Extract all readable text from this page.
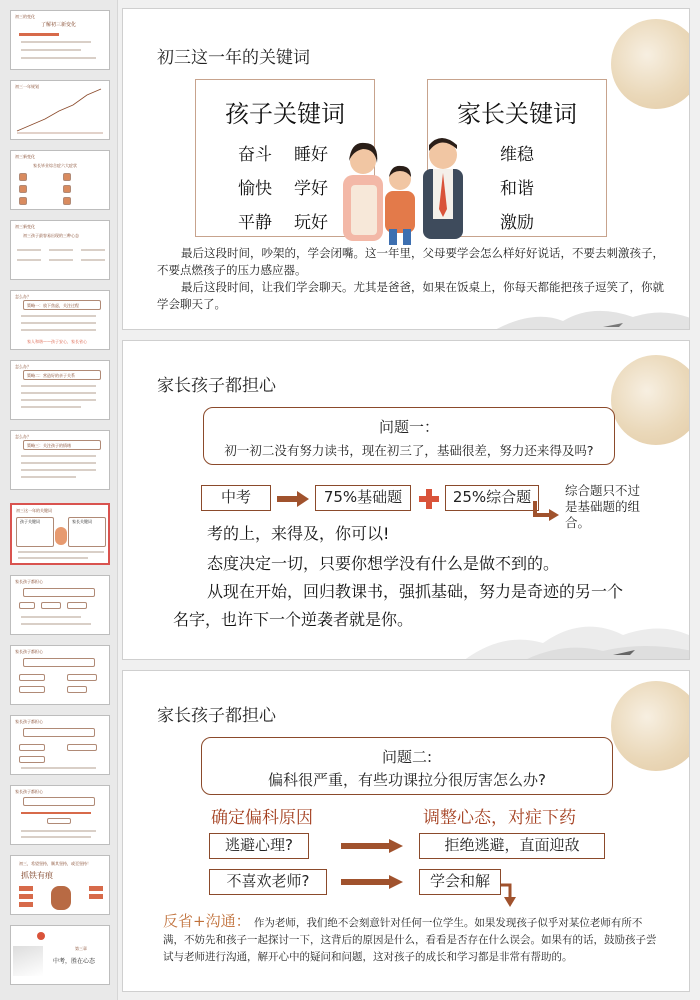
初三的变化
了解初三新变化
初三一年规划
初三新变化
家长毕业综合症六大症状
初三新变化
初三孩子最容易出现的三种心态
怎么办？
策略一：放下焦虑，关注过程
家人和谐——孩子安心，家长省心
怎么办？
策略二：营造好的亲子关系
怎么办？
策略三：关注孩子的情绪
初三这一年的关键词
孩子关键词	家长关键词
家长孩子都担心
家长孩子都担心
家长孩子都担心
家长孩子都担心
初三，希望坚持，顺其坚持，或至坚持！
抓铁有痕
第三章
中考，胜在心态
初三这一年的关键词
孩子关键词
奋斗 睡好
愉快 学好
平静 玩好
家长关键词
维稳
和谐
激励
最后这段时间，吵架的，学会闭嘴。这一年里，父母要学会怎么样好好说话，不要去刺激孩子，不要点燃孩子的压力感应器。
最后这段时间，让我们学会聊天。尤其是爸爸，如果在饭桌上，你每天都能把孩子逗笑了，你就学会聊天了。
家长孩子都担心
问题一：
初一初二没有努力读书，现在初三了，基础很差，努力还来得及吗?
中考	75%基础题	25%综合题	综合题只不过是基础题的组合。
考的上，来得及，你可以!
态度决定一切，只要你想学没有什么是做不到的。
从现在开始，回归教课书，强抓基础，努力是奇迹的另一个
名字，也许下一个逆袭者就是你。
家长孩子都担心
问题二:
偏科很严重，有些功课拉分很厉害怎么办?
确定偏科原因	调整心态，对症下药
逃避心理?	拒绝逃避，直面迎敌
不喜欢老师?	学会和解
反省+沟通： 作为老师，我们绝不会刻意针对任何一位学生。如果发现孩子似乎对某位老师有所不满，不妨先和孩子一起探讨一下，这背后的原因是什么，看看是否存在什么误会。如果有的话，鼓励孩子尝试与老师进行沟通，解开心中的疑问和问题，这对孩子的成长和学习都是非常有帮助的。
